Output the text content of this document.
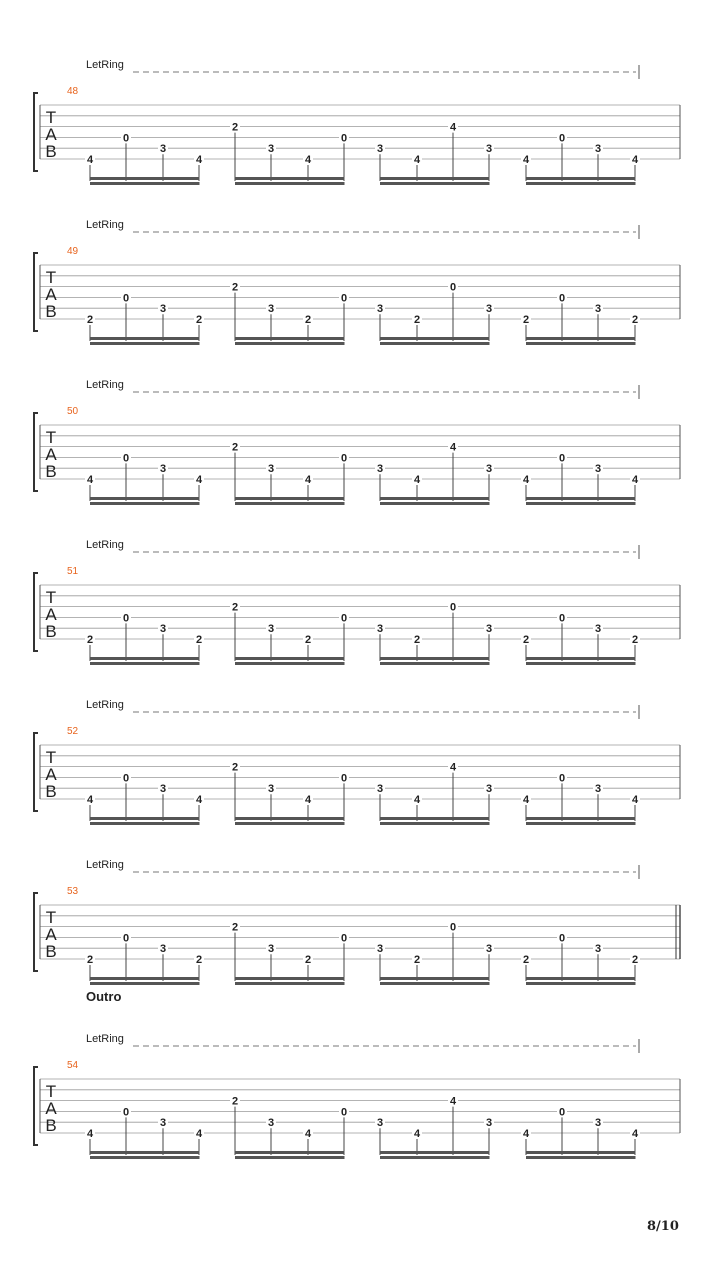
LetRing
48
T
A
B	4
0
3
4
2
3
4
0
3
4
4
3
4
0
3
4
LetRing
49
T
A
B	2
0
3
2
2
3
2
0
3
2
0
3
2
0
3
2
LetRing
50
T
A
B	4
0
3
4
2
3
4
0
3
4
4
3
4
0
3
4
LetRing
51
T
A
B	2
0
3
2
2
3
2
0
3
2
0
3
2
0
3
2
LetRing
52
T
A
B	4
0
3
4
2
3
4
0
3
4
4
3
4
0
3
4
LetRing
53
T
A
B	2
0
3
2
2
3
2
0
3
2
0
3
2
0
3
2
Outro
LetRing
54
T
A
B	4
0
3
4
2
3
4
0
3
4
4
3
4
0
3
4
8/10
